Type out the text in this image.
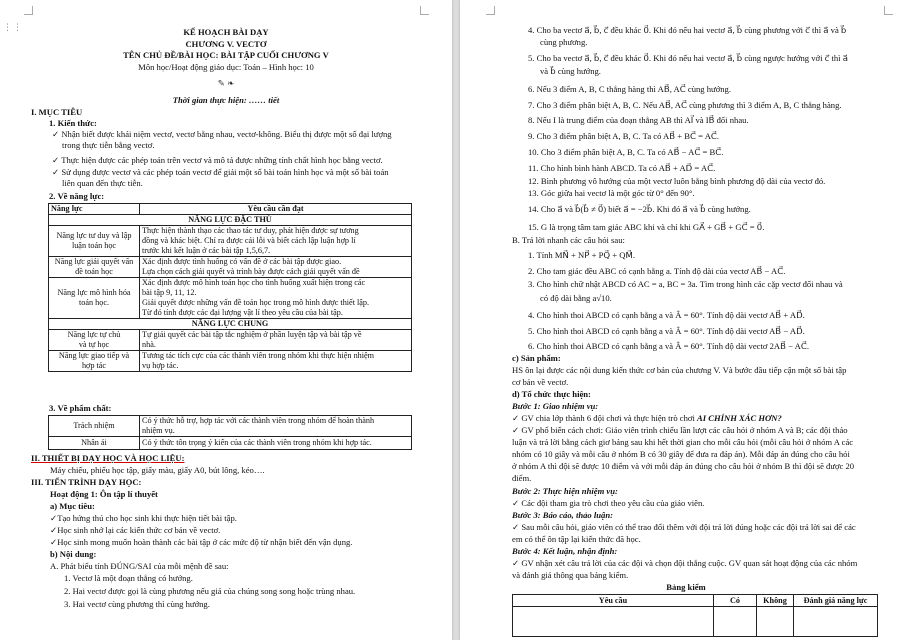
⋮⋮	KẾ HOẠCH BÀI DẠY
CHƯƠNG V. VECTƠ
TÊN CHỦ ĐỀ/BÀI HỌC: BÀI TẬP CUỐI CHƯƠNG V
Môn học/Hoạt động giáo dục: Toán – Hình học: 10
✎ ❧
Thời gian thực hiện: …… tiết
I. MỤC TIÊU
1. Kiến thức:
✓ Nhận biết được khái niệm vectơ, vectơ bằng nhau, vectơ-không. Biểu thị được một số đại lượng
trong thực tiễn bằng vectơ.
✓ Thực hiện được các phép toán trên vectơ và mô tả được những tính chất hình học bằng vectơ.
✓ Sử dụng được vectơ và các phép toán vectơ để giải một số bài toán hình học và một số bài toán
liên quan đến thực tiễn.
2. Về năng lực:
Năng lực	Yêu cầu cần đạt
NĂNG LỰC ĐẶC THÙ	

Năng lực tư duy và lập
luận toán học	Thực hiện thành thạo các thao tác tư duy, phát hiện được sự tương
đồng và khác biệt. Chỉ ra được cái lỗi và biết cách lập luận hợp lí
trước khi kết luận ở các bài tập 1,5,6,7.

Năng lực giải quyết vấn
đề toán học	Xác định được tình huống có vấn đề ở các bài tập được giao.
Lựa chọn cách giải quyết và trình bày được cách giải quyết vấn đề

Năng lực mô hình hóa
toán học.	Xác định được mô hình toán học cho tình huống xuất hiện trong các
bài tập 9, 11, 12.
Giải quyết được những vấn đề toán học trong mô hình được thiết lập.
Từ đó tính được các đại lượng vật lí theo yêu cầu của bài tập.

NĂNG LỰC CHUNG	

Năng lực tự chủ
và tự học	Tự giải quyết các bài tập tắc nghiệm ở phần luyện tập và bài tập về
nhà.

Năng lực giao tiếp và
hợp tác	Tương tác tích cực của các thành viên trong nhóm khi thực hiện nhiệm
vụ hợp tác.
3. Về phẩm chất:
Trách nhiệm	Có ý thức hỗ trợ, hợp tác với các thành viên trong nhóm để hoàn thành
nhiệm vụ.

Nhân ái	Có ý thức tôn trọng ý kiến của các thành viên trong nhóm khi hợp tác.
II. THIẾT BỊ DẠY HỌC VÀ HỌC LIỆU:
Máy chiếu, phiếu học tập, giấy màu, giấy A0, bút lông, kéo….
III. TIẾN TRÌNH DẠY HỌC:
Hoạt động 1: Ôn tập lí thuyết
a) Mục tiêu:
✓Tạo hứng thú cho học sinh khi thực hiện tiết bài tập.
✓Học sinh nhớ lại các kiến thức cơ bản về vectơ.
✓Học sinh mong muốn hoàn thành các bài tập ở các mức độ từ nhận biết đến vận dụng.
b) Nội dung:
A. Phát biểu tính ĐÚNG/SAI của mỗi mệnh đề sau:
1. Vectơ là một đoạn thẳng có hướng.
2. Hai vectơ được gọi là cùng phương nếu giá của chúng song song hoặc trùng nhau.
3. Hai vectơ cùng phương thì cùng hướng.
4. Cho ba vectơ a⃗, b⃗, c⃗ đều khác 0⃗. Khi đó nếu hai vectơ a⃗, b⃗ cùng phương với c⃗ thì a⃗ và b⃗
cùng phương.
5. Cho ba vectơ a⃗, b⃗, c⃗ đều khác 0⃗. Khi đó nếu hai vectơ a⃗, b⃗ cùng ngược hướng với c⃗ thì a⃗
và b⃗ cùng hướng.
6. Nếu 3 điểm A, B, C thẳng hàng thì AB⃗, AC⃗ cùng hướng.
7. Cho 3 điểm phân biệt A, B, C. Nếu AB⃗, AC⃗ cùng phương thì 3 điểm A, B, C thẳng hàng.
8. Nếu I là trung điểm của đoạn thẳng AB thì AI⃗ và IB⃗ đối nhau.
9. Cho 3 điểm phân biệt A, B, C. Ta có AB⃗ + BC⃗ = AC⃗.
10. Cho 3 điểm phân biệt A, B, C. Ta có AB⃗ − AC⃗ = BC⃗.
11. Cho hình bình hành ABCD. Ta có AB⃗ + AD⃗ = AC⃗.
12. Bình phương vô hướng của một vectơ luôn bằng bình phương độ dài của vectơ đó.
13. Góc giữa hai vectơ là một góc từ 0° đến 90°.
14. Cho a⃗ và b⃗(b⃗ ≠ 0⃗) biết a⃗ = −2b⃗. Khi đó a⃗ và b⃗ cùng hướng.
15. G là trọng tâm tam giác ABC khi và chỉ khi GA⃗ + GB⃗ + GC⃗ = 0⃗.
B. Trả lời nhanh các câu hỏi sau:
1. Tính MN⃗ + NP⃗ + PQ⃗ + QM⃗.
2. Cho tam giác đều ABC có cạnh bằng a. Tính độ dài của vectơ AB⃗ − AC⃗.
3. Cho hình chữ nhật ABCD có AC = a, BC = 3a. Tìm trong hình các cặp vectơ đối nhau và
có độ dài bằng a√10.
4. Cho hình thoi ABCD có cạnh bằng a và Â = 60°. Tính độ dài vectơ AB⃗ + AD⃗.
5. Cho hình thoi ABCD có cạnh bằng a và Â = 60°. Tính độ dài vectơ AB⃗ − AD⃗.
6. Cho hình thoi ABCD có cạnh bằng a và Â = 60°. Tính độ dài vectơ 2AB⃗ − AC⃗.
c) Sản phẩm:
HS ôn lại được các nội dung kiến thức cơ bản của chương V. Và bước đầu tiếp cận một số bài tập
cơ bản về vectơ.
d) Tổ chức thực hiện:
Bước 1: Giao nhiệm vụ:
✓ GV chia lớp thành 6 đội chơi và thực hiện trò chơi AI CHÍNH XÁC HƠN?
✓ GV phổ biến cách chơi: Giáo viên trình chiếu lần lượt các câu hỏi ở nhóm A và B; các đội thảo
luận và trả lời bằng cách giơ bảng sau khi hết thời gian cho mỗi câu hỏi (mỗi câu hỏi ở nhóm A các
nhóm có 10 giây và mỗi câu ở nhóm B có 30 giây để đưa ra đáp án). Mỗi đáp án đúng cho câu hỏi
ở nhóm A thì đội sẽ được 10 điểm và với mỗi đáp án đúng cho câu hỏi ở nhóm B thì đội sẽ được 20
điểm.
Bước 2: Thực hiện nhiệm vụ:
✓ Các đội tham gia trò chơi theo yêu cầu của giáo viên.
Bước 3: Báo cáo, thảo luận:
✓ Sau mỗi câu hỏi, giáo viên có thể trao đổi thêm với đội trả lời đúng hoặc các đội trả lời sai để các
em có thể ôn tập lại kiến thức đã học.
Bước 4: Kết luận, nhận định:
✓ GV nhận xét câu trả lời của các đội và chọn đội thắng cuộc. GV quan sát hoạt động của các nhóm
và đánh giá thông qua bảng kiểm.
Bảng kiểm
Yêu cầu	Có	Không	Đánh giá năng lực
